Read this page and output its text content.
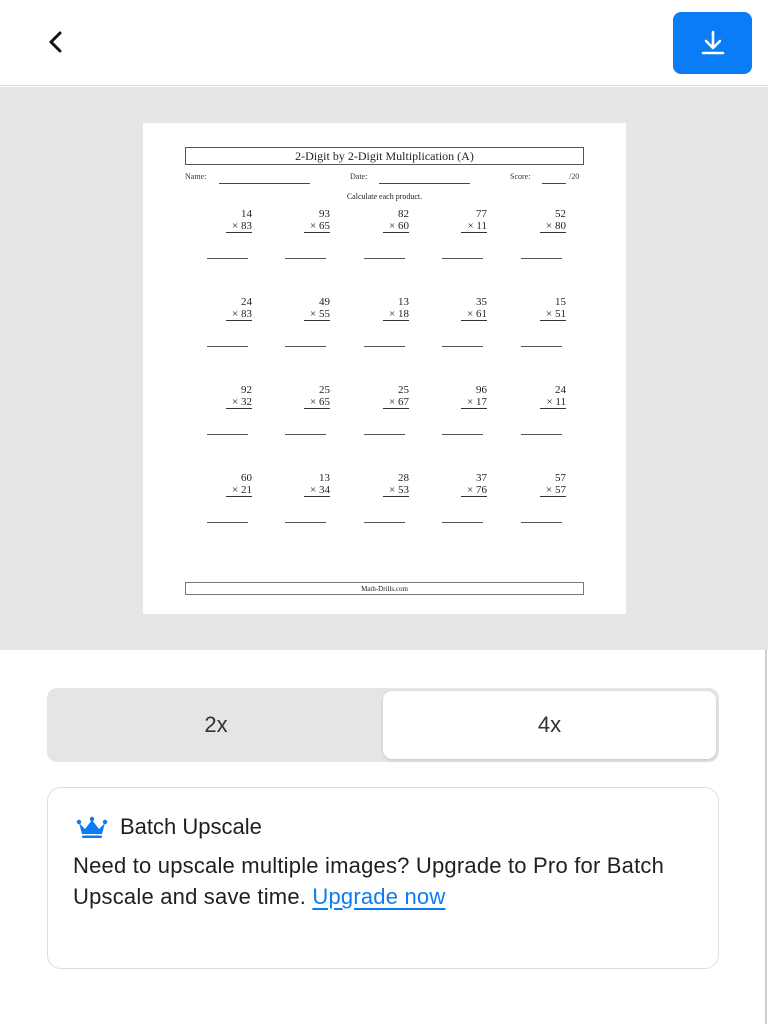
2-Digit by 2-Digit Multiplication (A)
Name:	Date:	Score:	/20
Calculate each product.
14
× 83
93
× 65
82
× 60
77
× 11
52
× 80
24
× 83
49
× 55
13
× 18
35
× 61
15
× 51
92
× 32
25
× 65
25
× 67
96
× 17
24
× 11
60
× 21
13
× 34
28
× 53
37
× 76
57
× 57
Math-Drills.com
2x	4x
Batch Upscale
Need to upscale multiple images? Upgrade to Pro for Batch Upscale and save time. Upgrade now
